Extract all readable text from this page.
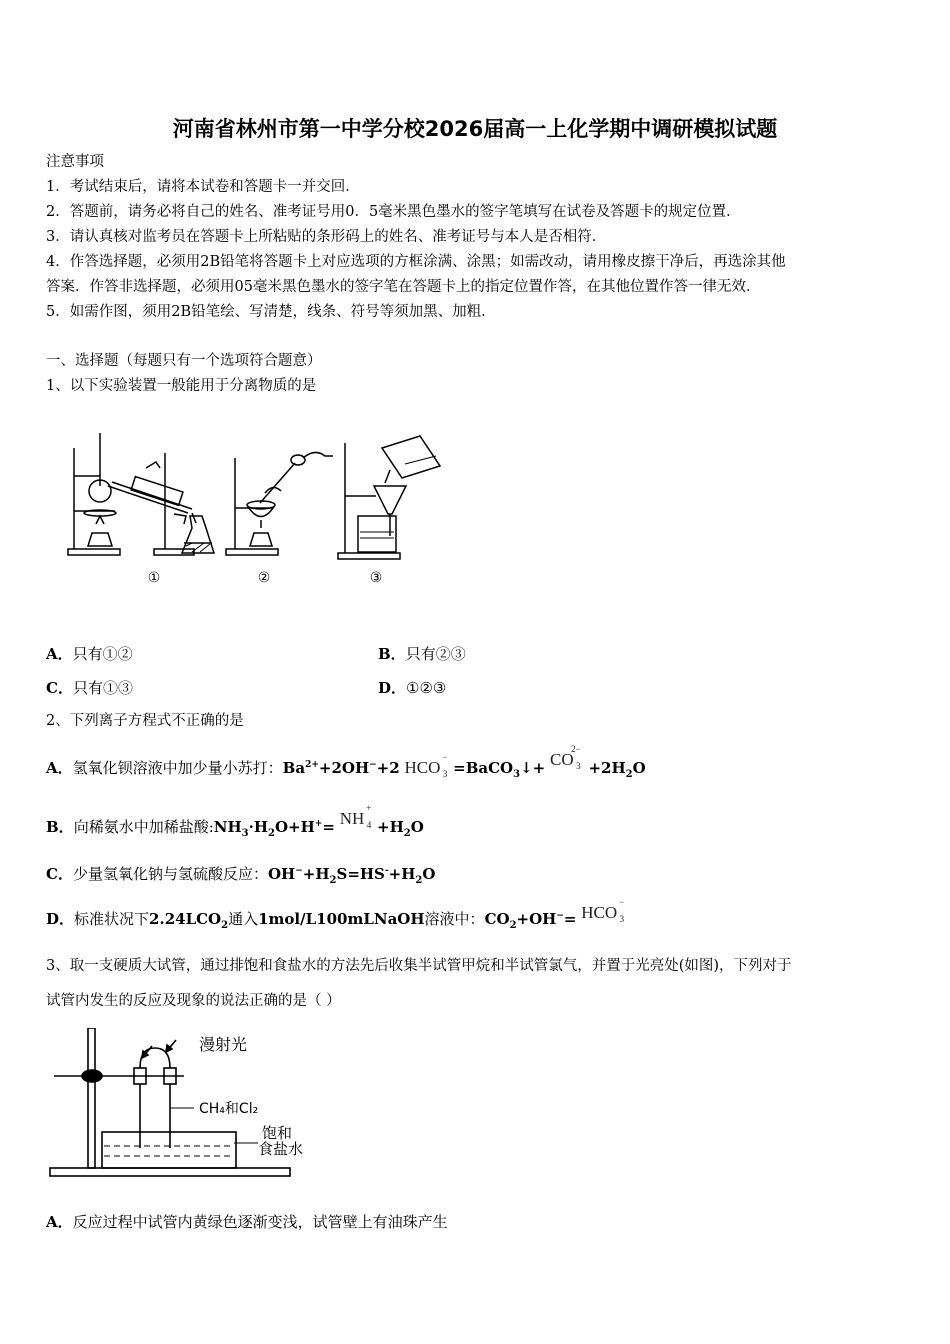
河南省林州市第一中学分校2026届高一上化学期中调研模拟试题
注意事项
1．考试结束后，请将本试卷和答题卡一并交回．
2．答题前，请务必将自己的姓名、准考证号用0．5毫米黑色墨水的签字笔填写在试卷及答题卡的规定位置．
3．请认真核对监考员在答题卡上所粘贴的条形码上的姓名、准考证号与本人是否相符．
4．作答选择题，必须用2B铅笔将答题卡上对应选项的方框涂满、涂黑；如需改动，请用橡皮擦干净后，再选涂其他
答案．作答非选择题，必须用05毫米黑色墨水的签字笔在答题卡上的指定位置作答，在其他位置作答一律无效．
5．如需作图，须用2B铅笔绘、写清楚，线条、符号等须加黑、加粗．
一、选择题（每题只有一个选项符合题意）
1、以下实验装置一般能用于分离物质的是
①	②	③
A．只有①②	B．只有②③
C．只有①③	D．①②③
2、下列离子方程式不正确的是
A．氢氧化钡溶液中加少量小苏打：$Ba^{2+}+2OH^-+2$ HCO
−
3 =BaCO$_3$↓+ CO
2−
$3 +2H_2O$
B．向稀氨水中加稀盐酸$:NH_3\cdot H_2O+H^+=$ NH
+
$4 +H_2O$
C．少量氢氧化钠与氢硫酸反应：$OH^-+H_2S=HS^-+H_2O$
D．标准状况下$2.24LCO_2$通入1mol/L100mLNaOH溶液中：$CO_2+OH^-=$ HCO
−
3
3、取一支硬质大试管，通过排饱和食盐水的方法先后收集半试管甲烷和半试管氯气，并置于光亮处(如图)，下列对于
试管内发生的反应及现象的说法正确的是（ ）
漫射光
CH₄和Cl₂
饱和
食盐水
A．反应过程中试管内黄绿色逐渐变浅，试管壁上有油珠产生
